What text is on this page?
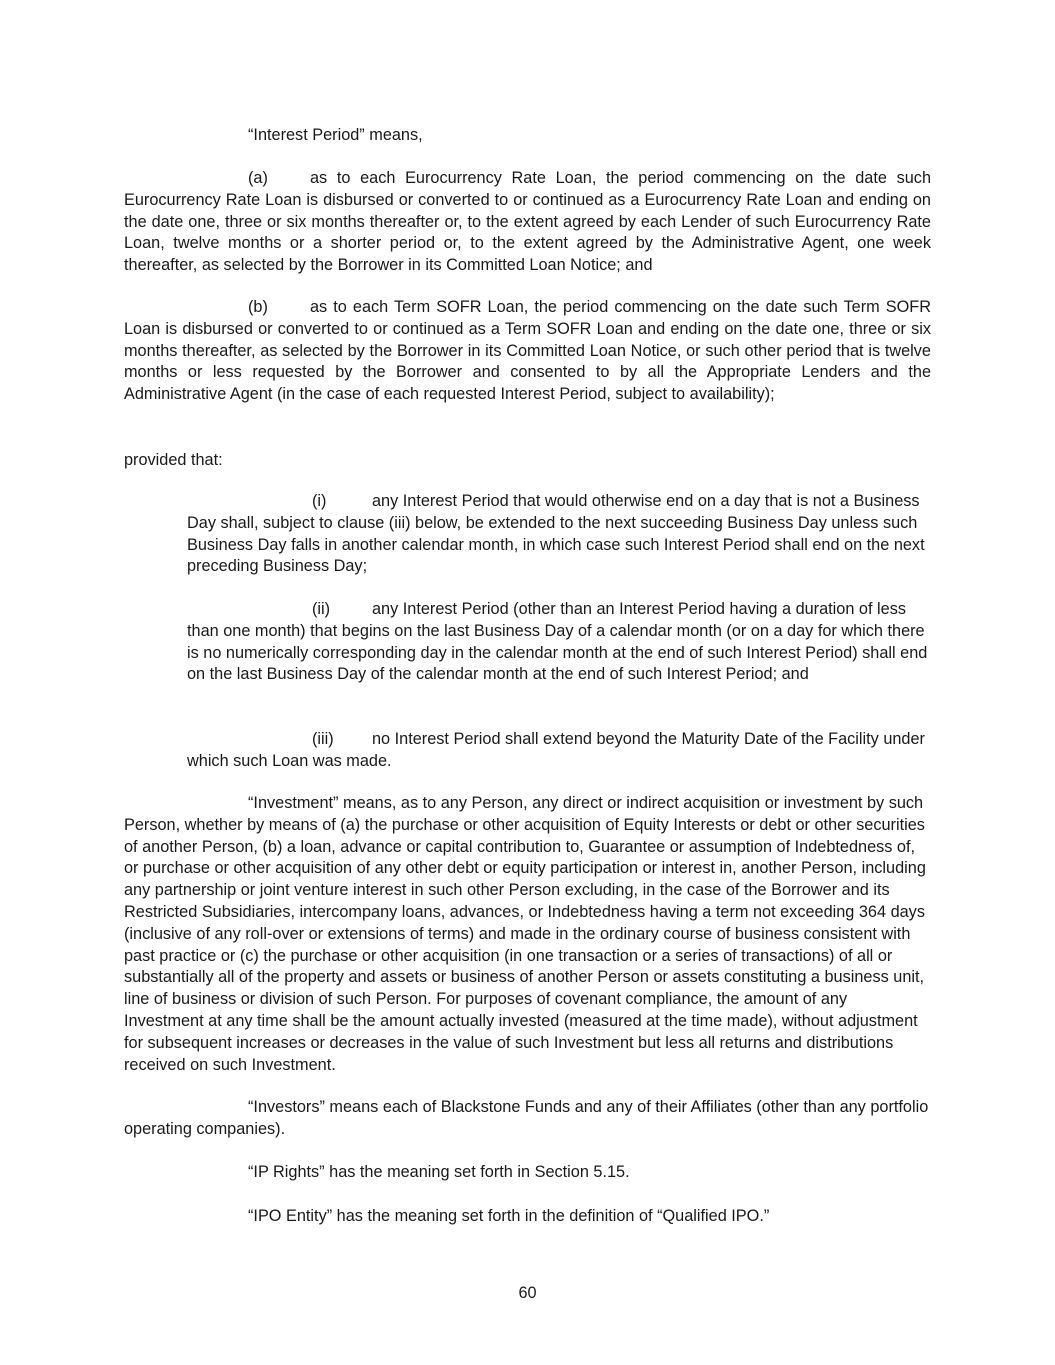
“Interest Period” means,

(a)	as to each Eurocurrency Rate Loan, the period commencing on the date such Eurocurrency Rate Loan is disbursed or converted to or continued as a Eurocurrency Rate Loan and ending on the date one, three or six months thereafter or, to the extent agreed by each Lender of such Eurocurrency Rate Loan, twelve months or a shorter period or, to the extent agreed by the Administrative Agent, one week thereafter, as selected by the Borrower in its Committed Loan Notice; and

(b)	as to each Term SOFR Loan, the period commencing on the date such Term SOFR Loan is disbursed or converted to or continued as a Term SOFR Loan and ending on the date one, three or six months thereafter, as selected by the Borrower in its Committed Loan Notice, or such other period that is twelve months or less requested by the Borrower and consented to by all the Appropriate Lenders and the Administrative Agent (in the case of each requested Interest Period, subject to availability);

provided that:

(i)	any Interest Period that would otherwise end on a day that is not a Business Day shall, subject to clause (iii) below, be extended to the next succeeding Business Day unless such Business Day falls in another calendar month, in which case such Interest Period shall end on the next preceding Business Day;

(ii)	any Interest Period (other than an Interest Period having a duration of less than one month) that begins on the last Business Day of a calendar month (or on a day for which there is no numerically corresponding day in the calendar month at the end of such Interest Period) shall end on the last Business Day of the calendar month at the end of such Interest Period; and

(iii) no Interest Period shall extend beyond the Maturity Date of the Facility under which such Loan was made.

“Investment” means, as to any Person, any direct or indirect acquisition or investment by such Person, whether by means of (a) the purchase or other acquisition of Equity Interests or debt or other securities of another Person, (b) a loan, advance or capital contribution to, Guarantee or assumption of Indebtedness of, or purchase or other acquisition of any other debt or equity participation or interest in, another Person, including any partnership or joint venture interest in such other Person excluding, in the case of the Borrower and its Restricted Subsidiaries, intercompany loans, advances, or Indebtedness having a term not exceeding 364 days (inclusive of any roll-over or extensions of terms) and made in the ordinary course of business consistent with past practice or (c) the purchase or other acquisition (in one transaction or a series of transactions) of all or substantially all of the property and assets or business of another Person or assets constituting a business unit, line of business or division of such Person. For purposes of covenant compliance, the amount of any Investment at any time shall be the amount actually invested (measured at the time made), without adjustment for subsequent increases or decreases in the value of such Investment but less all returns and distributions received on such Investment.

“Investors” means each of Blackstone Funds and any of their Affiliates (other than any portfolio operating companies).

“IP Rights” has the meaning set forth in Section 5.15.

“IPO Entity” has the meaning set forth in the definition of “Qualified IPO.”

60
